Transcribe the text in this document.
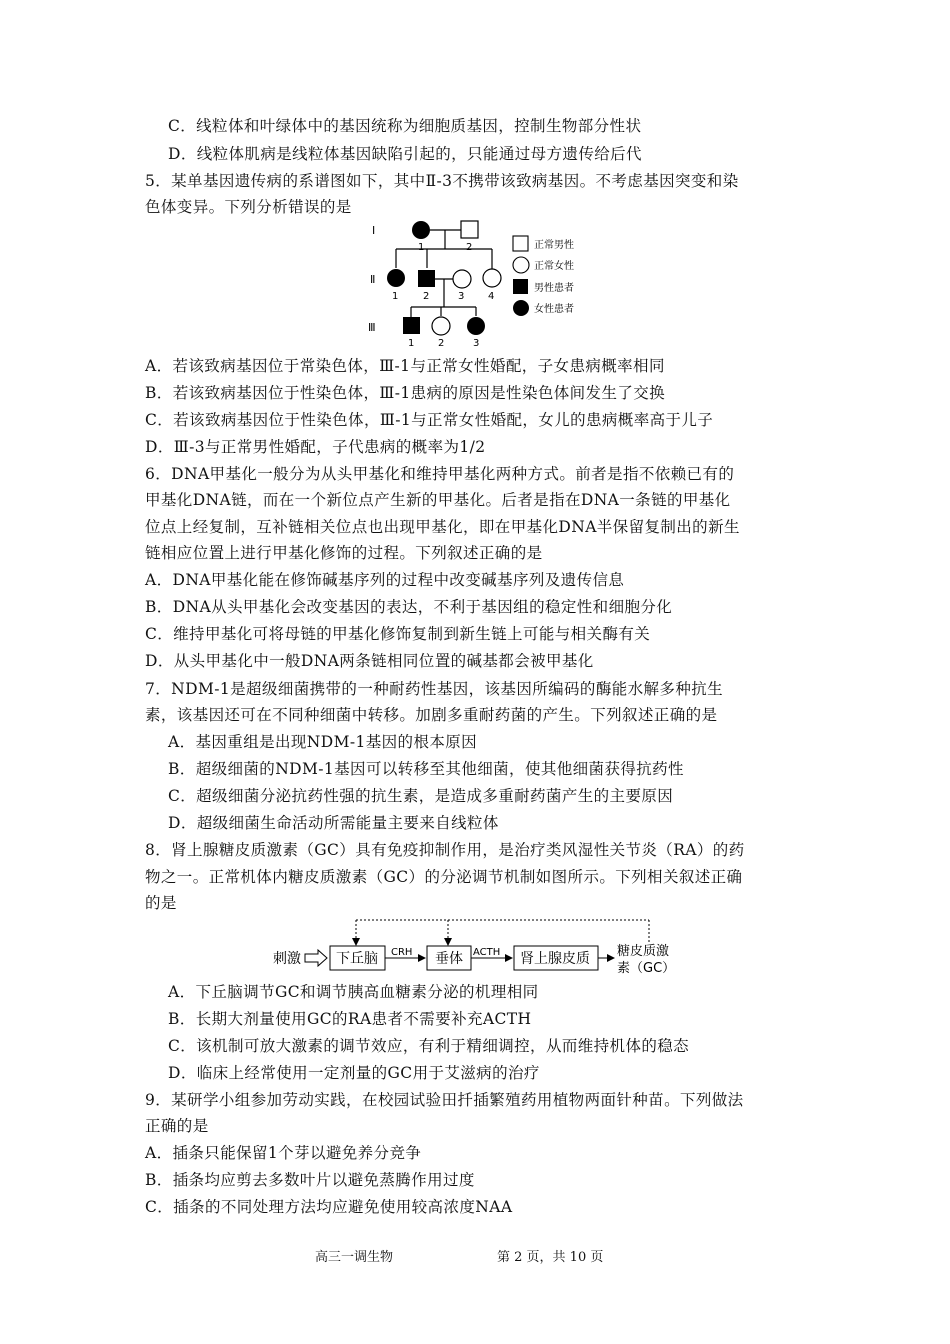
C．线粒体和叶绿体中的基因统称为细胞质基因，控制生物部分性状
D．线粒体肌病是线粒体基因缺陷引起的，只能通过母方遗传给后代
5．某单基因遗传病的系谱图如下，其中Ⅱ-3不携带该致病基因。不考虑基因突变和染
色体变异。下列分析错误的是
Ⅰ
Ⅱ
Ⅲ
1	2
1 2	3 4
1 2	3
正常男性
正常女性
男性患者
女性患者
A．若该致病基因位于常染色体，Ⅲ-1与正常女性婚配，子女患病概率相同
B．若该致病基因位于性染色体，Ⅲ-1患病的原因是性染色体间发生了交换
C．若该致病基因位于性染色体，Ⅲ-1与正常女性婚配，女儿的患病概率高于儿子
D．Ⅲ-3与正常男性婚配，子代患病的概率为1/2
6．DNA甲基化一般分为从头甲基化和维持甲基化两种方式。前者是指不依赖已有的
甲基化DNA链，而在一个新位点产生新的甲基化。后者是指在DNA一条链的甲基化
位点上经复制，互补链相关位点也出现甲基化，即在甲基化DNA半保留复制出的新生
链相应位置上进行甲基化修饰的过程。下列叙述正确的是
A．DNA甲基化能在修饰碱基序列的过程中改变碱基序列及遗传信息
B．DNA从头甲基化会改变基因的表达，不利于基因组的稳定性和细胞分化
C．维持甲基化可将母链的甲基化修饰复制到新生链上可能与相关酶有关
D．从头甲基化中一般DNA两条链相同位置的碱基都会被甲基化
7．NDM-1是超级细菌携带的一种耐药性基因，该基因所编码的酶能水解多种抗生
素，该基因还可在不同种细菌中转移。加剧多重耐药菌的产生。下列叙述正确的是
A．基因重组是出现NDM-1基因的根本原因
B．超级细菌的NDM-1基因可以转移至其他细菌，使其他细菌获得抗药性
C．超级细菌分泌抗药性强的抗生素，是造成多重耐药菌产生的主要原因
D．超级细菌生命活动所需能量主要来自线粒体
8．肾上腺糖皮质激素（GC）具有免疫抑制作用，是治疗类风湿性关节炎（RA）的药
物之一。正常机体内糖皮质激素（GC）的分泌调节机制如图所示。下列相关叙述正确
的是
刺激	下丘脑 CRH 垂体 ACTH 肾上腺皮质 糖皮质激
素（GC）
A．下丘脑调节GC和调节胰高血糖素分泌的机理相同
B．长期大剂量使用GC的RA患者不需要补充ACTH
C．该机制可放大激素的调节效应，有利于精细调控，从而维持机体的稳态
D．临床上经常使用一定剂量的GC用于艾滋病的治疗
9．某研学小组参加劳动实践，在校园试验田扦插繁殖药用植物两面针种苗。下列做法
正确的是
A．插条只能保留1个芽以避免养分竞争
B．插条均应剪去多数叶片以避免蒸腾作用过度
C．插条的不同处理方法均应避免使用较高浓度NAA
高三一调生物	第 2 页，共 10 页
